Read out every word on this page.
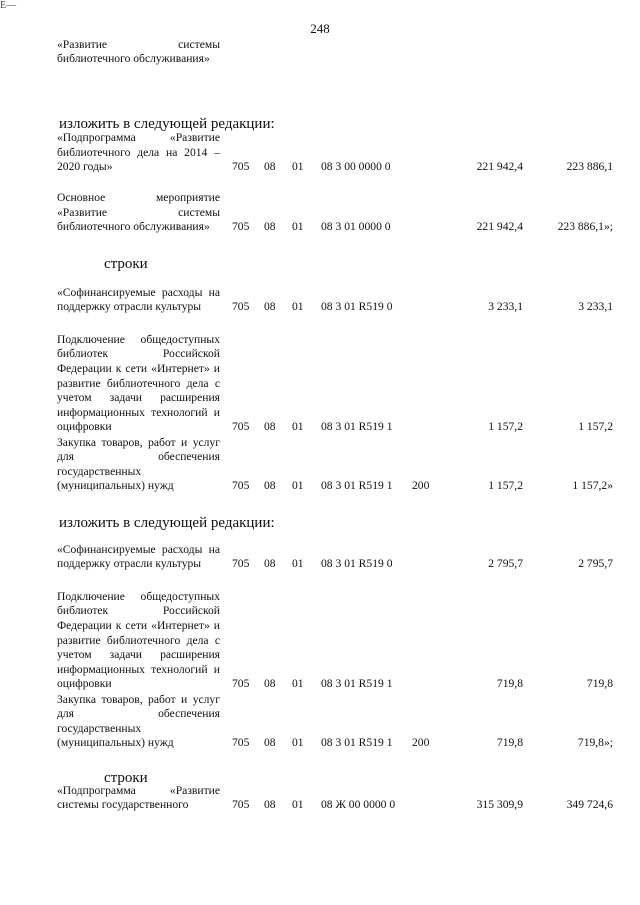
Е—
248
«Развитие системы библиотечного обслуживания»
изложить в следующей редакции:
«Подпрограмма «Развитие библиотечного дела на 2014 – 2020 годы»	705 08 01 08 3 00 0000 0	221 942,4	223 886,1
Основное мероприятие «Развитие системы библиотечного обслуживания»	705 08 01 08 3 01 0000 0	221 942,4	223 886,1»;
строки
«Софинансируемые расходы на поддержку отрасли культуры	705 08 01 08 3 01 R519 0	3 233,1	3 233,1
Подключение общедоступных библиотек Российской Федерации к сети «Интернет» и развитие библиотечного дела с учетом задачи расширения информационных технологий и оцифровки	705 08 01 08 3 01 R519 1	1 157,2	1 157,2
Закупка товаров, работ и услуг для обеспечения государственных (муниципальных) нужд	705 08 01 08 3 01 R519 1 200	1 157,2	1 157,2»
изложить в следующей редакции:
«Софинансируемые расходы на поддержку отрасли культуры	705 08 01 08 3 01 R519 0	2 795,7	2 795,7
Подключение общедоступных библиотек Российской Федерации к сети «Интернет» и развитие библиотечного дела с учетом задачи расширения информационных технологий и оцифровки	705 08 01 08 3 01 R519 1	719,8	719,8
Закупка товаров, работ и услуг для обеспечения государственных (муниципальных) нужд	705 08 01 08 3 01 R519 1 200	719,8	719,8»;
строки
«Подпрограмма «Развитие системы государственного	705 08 01 08 Ж 00 0000 0	315 309,9	349 724,6
